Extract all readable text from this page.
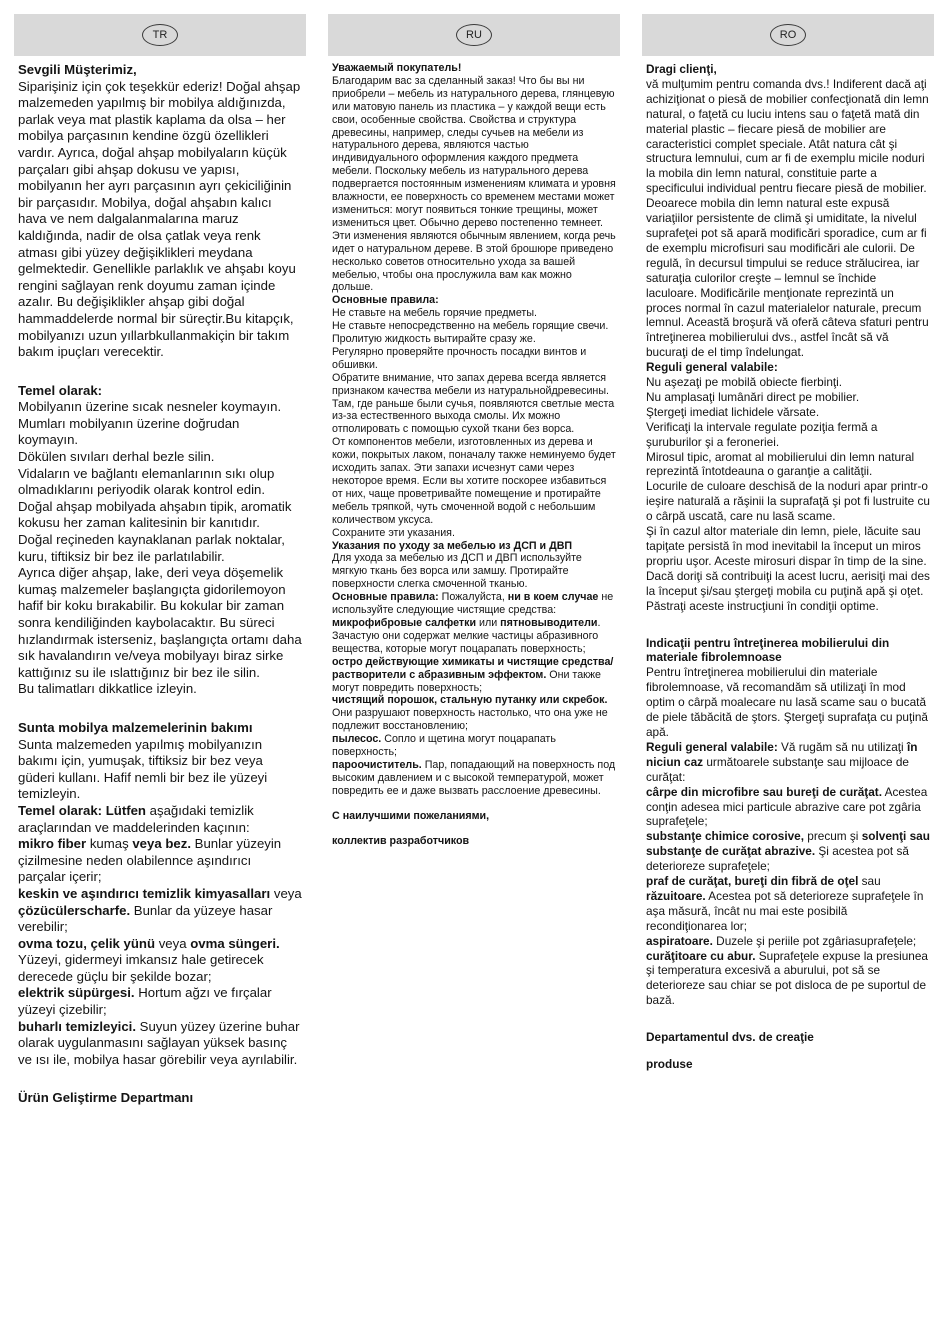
TR

Sevgili Müşterimiz,

Siparişiniz için çok teşekkür ederiz! Doğal ahşap malzemeden yapılmış bir mobilya aldığınızda, parlak veya mat plastik kaplama da olsa – her mobilya parçasının kendine özgü özellikleri vardır. Ayrıca, doğal ahşap mobilyaların küçük parçaları gibi ahşap dokusu ve yapısı, mobilyanın her ayrı parçasının ayrı çekiciliğinin bir parçasıdır. Mobilya, doğal ahşabın kalıcı hava ve nem dalgalanmalarına maruz kaldığında, nadir de olsa çatlak veya renk atması gibi yüzey değişiklikleri meydana gelmektedir. Genellikle parlaklık ve ahşabı koyu rengini sağlayan renk doyumu zaman içinde azalır. Bu değişiklikler ahşap gibi doğal hammaddelerde normal bir süreçtir.Bu kitapçık, mobilyanızı uzun yıllarbkullanmakiçin bir takım bakım ipuçları verecektir.

Temel olarak:

Mobilyanın üzerine sıcak nesneler koymayın.

Mumları mobilyanın üzerine doğrudan koymayın.

Dökülen sıvıları derhal bezle silin.

Vidaların ve bağlantı elemanlarının sıkı olup olmadıklarını periyodik olarak kontrol edin.

Doğal ahşap mobilyada ahşabın tipik, aromatik kokusu her zaman kalitesinin bir kanıtıdır.

Doğal reçineden kaynaklanan parlak noktalar, kuru, tiftiksiz bir bez ile parlatılabilir.

Ayrıca diğer ahşap, lake, deri veya döşemelik kumaş malzemeler başlangıçta gidorilemoyon hafif bir koku bırakabilir. Bu kokular bir zaman sonra kendiliğinden kaybolacaktır. Bu süreci hızlandırmak isterseniz, başlangıçta ortamı daha sık havalandırın ve/veya mobilyayı biraz sirke kattığınız su ile ıslattığınız bir bez ile silin.

Bu talimatları dikkatlice izleyin.

Sunta mobilya malzemelerinin bakımı

Sunta malzemeden yapılmış mobilyanızın bakımı için, yumuşak, tiftiksiz bir bez veya güderi kullanı. Hafif nemli bir bez ile yüzeyi temizleyin.

Temel olarak: Lütfen aşağıdaki temizlik araçlarından ve maddelerinden kaçının:

mikro fiber kumaş veya bez. Bunlar yüzeyin çizilmesine neden olabilennce aşındırıcı parçalar içerir;

keskin ve aşındırıcı temizlik kimyasalları veya çözücülerscharfe. Bunlar da yüzeye hasar verebilir;

ovma tozu, çelik yünü veya ovma süngeri. Yüzeyi, gidermeyi imkansız hale getirecek derecede güçlu bir şekilde bozar;

elektrik süpürgesi. Hortum ağzı ve fırçalar yüzeyi çizebilir;

buharlı temizleyici. Suyun yüzey üzerine buhar olarak uygulanmasını sağlayan yüksek basınç ve ısı ile, mobilya hasar görebilir veya ayrılabilir.

Ürün Geliştirme Departmanı

RU

Уважаемый покупатель!

Благодарим вас за сделанный заказ! Что бы вы ни приобрели – мебель из натурального дерева, глянцевую или матовую панель из пластика – у каждой вещи есть свои, особенные свойства. Свойства и структура древесины, например, следы сучьев на мебели из натурального дерева, являются частью индивидуального оформления каждого предмета мебели. Поскольку мебель из натурального дерева подвергается постоянным изменениям климата и уровня влажности, ее поверхность со временем местами может измениться: могут появиться тонкие трещины, может измениться цвет. Обычно дерево постепенно темнеет. Эти изменения являются обычным явлением, когда речь идет о натуральном дереве. В этой брошюре приведено несколько советов относительно ухода за вашей мебелью, чтобы она прослужила вам как можно дольше.

Основные правила:

Не ставьте на мебель горячие предметы.

Не ставьте непосредственно на мебель горящие свечи.

Пролитую жидкость вытирайте сразу же.

Регулярно проверяйте прочность посадки винтов и обшивки.

Обратите внимание, что запах дерева всегда является признаком качества мебели из натуральнойдревесины. Там, где раньше были сучья, появляются светлые места из-за естественного выхода смолы. Их можно отполировать с помощью сухой ткани без ворса.

От компонентов мебели, изготовленных из дерева и кожи, покрытых лаком, поначалу также неминуемо будет исходить запах. Эти запахи исчезнут сами через некоторое время. Если вы хотите поскорее избавиться от них, чаще проветривайте помещение и протирайте мебель тряпкой, чуть смоченной водой с небольшим количеством уксуса.

Сохраните эти указания.

Указания по уходу за мебелью из ДСП и ДВП

Для ухода за мебелью из ДСП и ДВП используйте мягкую ткань без ворса или замшу. Протирайте поверхности слегка смоченной тканью.

Основные правила: Пожалуйста, ни в коем случае не используйте следующие чистящие средства:

микрофибровые салфетки или пятновыводители. Зачастую они содержат мелкие частицы абразивного вещества, которые могут поцарапать поверхность;

остро действующие химикаты и чистящие средства/растворители с абразивным эффектом. Они также могут повредить поверхность;

чистящий порошок, стальную путанку или скребок. Они разрушают поверхность настолько, что она уже не подлежит восстановлению;

пылесос. Сопло и щетина могут поцарапать поверхность;

пароочиститель. Пар, попадающий на поверхность под высоким давлением и с высокой температурой, может повредить ее и даже вызвать расслоение древесины.

С наилучшими пожеланиями,

коллектив разработчиков

RO

Dragi clienţi,

vă mulţumim pentru comanda dvs.! Indiferent dacă aţi achiziţionat o piesă de mobilier confecţionată din lemn natural, o faţetă cu luciu intens sau o faţetă mată din material plastic – fiecare piesă de mobilier are caracteristici complet speciale. Atât natura cât şi structura lemnului, cum ar fi de exemplu micile noduri la mobila din lemn natural, constituie parte a specificului individual pentru fiecare piesă de mobilier. Deoarece mobila din lemn natural este expusă variaţiilor persistente de climă şi umiditate, la nivelul suprafeţei pot să apară modificări sporadice, cum ar fi de exemplu microfisuri sau modificări ale culorii. De regulă, în decursul timpului se reduce strălucirea, iar saturaţia culorilor creşte – lemnul se închide laculoare. Modificările menţionate reprezintă un proces normal în cazul materialelor naturale, precum lemnul. Această broşură vă oferă câteva sfaturi pentru întreţinerea mobilierului dvs., astfel încât să vă bucuraţi de el timp îndelungat.

Reguli general valabile:

Nu aşezaţi pe mobilă obiecte fierbinţi.

Nu amplasaţi lumânări direct pe mobilier.

Ştergeţi imediat lichidele vărsate.

Verificaţi la intervale regulate poziţia fermă a şuruburilor şi a feroneriei.

Mirosul tipic, aromat al mobilierului din lemn natural reprezintă întotdeauna o garanţie a calităţii.

Locurile de culoare deschisă de la noduri apar printr-o ieşire naturală a răşinii la suprafaţă şi pot fi lustruite cu o cârpă uscată, care nu lasă scame.

Şi în cazul altor materiale din lemn, piele, lăcuite sau tapiţate persistă în mod inevitabil la început un miros propriu uşor. Aceste mirosuri dispar în timp de la sine. Dacă doriţi să contribuiţi la acest lucru, aerisiţi mai des la început şi/sau ştergeţi mobila cu puţină apă şi oţet.

Păstraţi aceste instrucţiuni în condiţii optime.

Indicaţii pentru întreţinerea mobilierului din materiale fibrolemnoase

Pentru întreţinerea mobilierului din materiale fibrolemnoase, vă recomandăm să utilizaţi în mod optim o cârpă moalecare nu lasă scame sau o bucată de piele tăbăcită de ştors. Ştergeţi suprafaţa cu puţină apă.

Reguli general valabile: Vă rugăm să nu utilizaţi în niciun caz următoarele substanţe sau mijloace de curăţat:

cârpe din microfibre sau bureţi de curăţat. Acestea conţin adesea mici particule abrazive care pot zgâria suprafeţele;

substanţe chimice corosive, precum şi solvenţi sau substanţe de curăţat abrazive. Şi acestea pot să deterioreze suprafeţele;

praf de curăţat, bureţi din fibră de oţel sau răzuitoare. Acestea pot să deterioreze suprafeţele în aşa măsură, încât nu mai este posibilă recondiţionarea lor;

aspiratoare. Duzele şi periile pot zgâriasuprafeţele;

curăţitoare cu abur. Suprafeţele expuse la presiunea şi temperatura excesivă a aburului, pot să se deterioreze sau chiar se pot disloca de pe suportul de bază.

Departamentul dvs. de creaţie

produse
